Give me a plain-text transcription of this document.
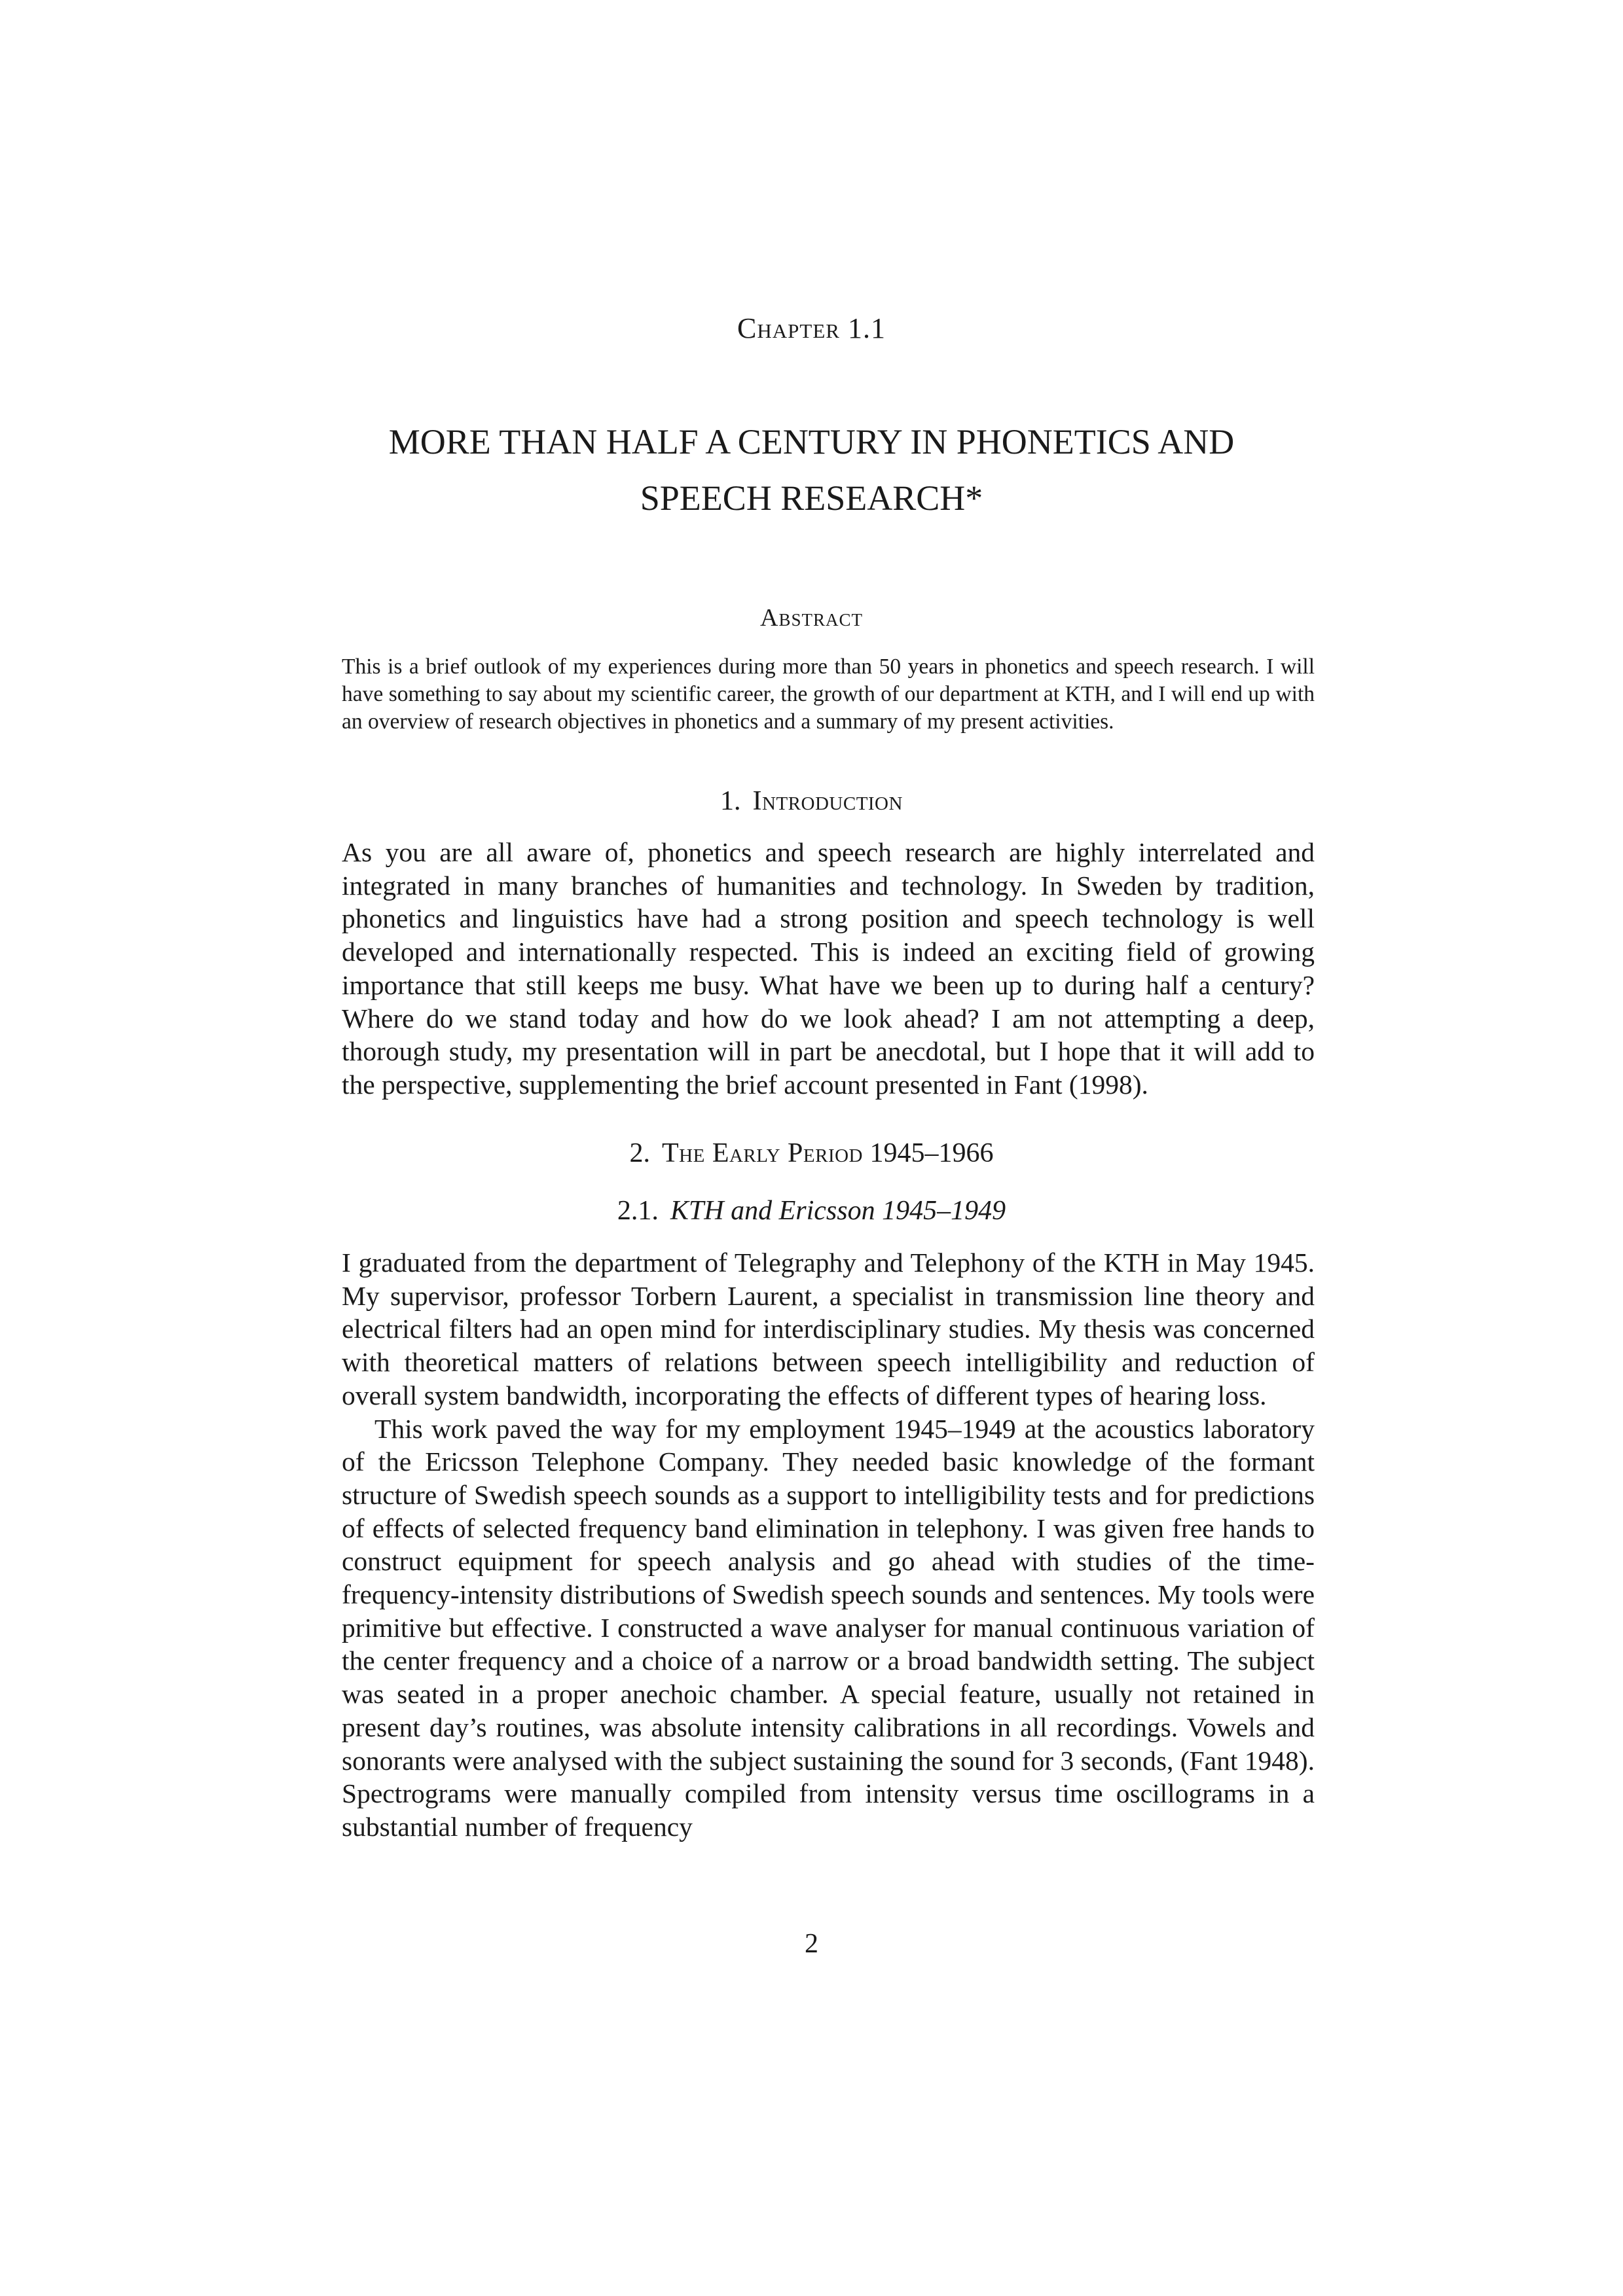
Chapter 1.1
MORE THAN HALF A CENTURY IN PHONETICS AND
SPEECH RESEARCH*
Abstract
This is a brief outlook of my experiences during more than 50 years in phonetics and speech research. I will have something to say about my scientific career, the growth of our department at KTH, and I will end up with an overview of research objectives in phonetics and a summary of my present activities.
1. Introduction

As you are all aware of, phonetics and speech research are highly interrelated and integrated in many branches of humanities and technology. In Sweden by tradition, phonetics and linguistics have had a strong position and speech technology is well developed and internationally respected. This is indeed an exciting field of growing importance that still keeps me busy. What have we been up to during half a century? Where do we stand today and how do we look ahead? I am not attempting a deep, thorough study, my presentation will in part be anecdotal, but I hope that it will add to the perspective, supplementing the brief account presented in Fant (1998).

2. The Early Period 1945–1966
2.1. KTH and Ericsson 1945–1949

I graduated from the department of Telegraphy and Telephony of the KTH in May 1945. My supervisor, professor Torbern Laurent, a specialist in transmission line theory and electrical filters had an open mind for interdisciplinary studies. My thesis was concerned with theoretical matters of relations between speech intelligibility and reduction of overall system bandwidth, incorporating the effects of different types of hearing loss.

This work paved the way for my employment 1945–1949 at the acoustics laboratory of the Ericsson Telephone Company. They needed basic knowledge of the formant structure of Swedish speech sounds as a support to intelligibility tests and for predictions of effects of selected frequency band elimination in telephony. I was given free hands to construct equipment for speech analysis and go ahead with studies of the time-frequency-intensity distributions of Swedish speech sounds and sentences. My tools were primitive but effective. I constructed a wave analyser for manual continuous variation of the center frequency and a choice of a narrow or a broad bandwidth setting. The subject was seated in a proper anechoic chamber. A special feature, usually not retained in present day’s routines, was absolute intensity calibrations in all recordings. Vowels and sonorants were analysed with the subject sustaining the sound for 3 seconds, (Fant 1948). Spectrograms were manually compiled from intensity versus time oscillograms in a substantial number of frequency

2
